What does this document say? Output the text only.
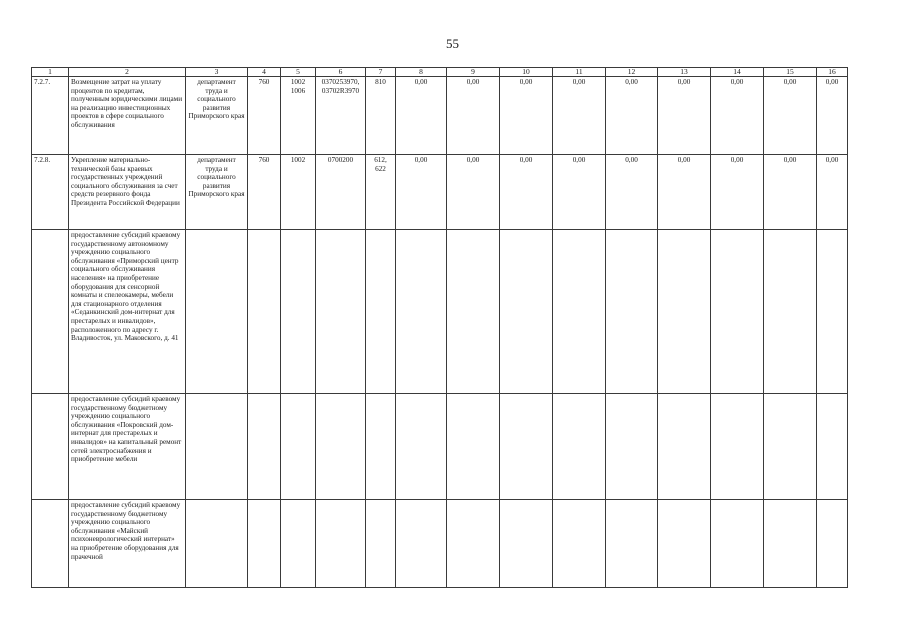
55
1	2	3	4	5	6	7	8	9	10	11	12	13	14	15	16
7.2.7.	Возмещение затрат на уплату процентов по кредитам, полученным юридическими лицами на реализацию инвестиционных проектов в сфере социального обслуживания	департамент труда и социального развития Приморского края	760	1002 1006	0370253970, 03702R3970	810	0,00	0,00	0,00	0,00	0,00	0,00	0,00	0,00	0,00
7.2.8.	Укрепление материально-технической базы краевых государственных учреждений социального обслуживания за счет средств резервного фонда Президента Российской Федерации	департамент труда и социального развития Приморского края	760	1002	0700200	612, 622	0,00	0,00	0,00	0,00	0,00	0,00	0,00	0,00	0,00
	предоставление субсидий краевому государственному автономному учреждению социального обслуживания «Приморский центр социального обслуживания населения» на приобретение оборудования для сенсорной комнаты и спелеокамеры, мебели для стационарного отделения «Седанкинский дом-интернат для престарелых и инвалидов», расположенного по адресу г. Владивосток, ул. Маковского, д. 41														
	предоставление субсидий краевому государственному бюджетному учреждению социального обслуживания «Покровский дом-интернат для престарелых и инвалидов» на капитальный ремонт сетей электроснабжения и приобретение мебели														
	предоставление субсидий краевому государственному бюджетному учреждению социального обслуживания «Майский психоневрологический интернат» на приобретение оборудования для прачечной														
